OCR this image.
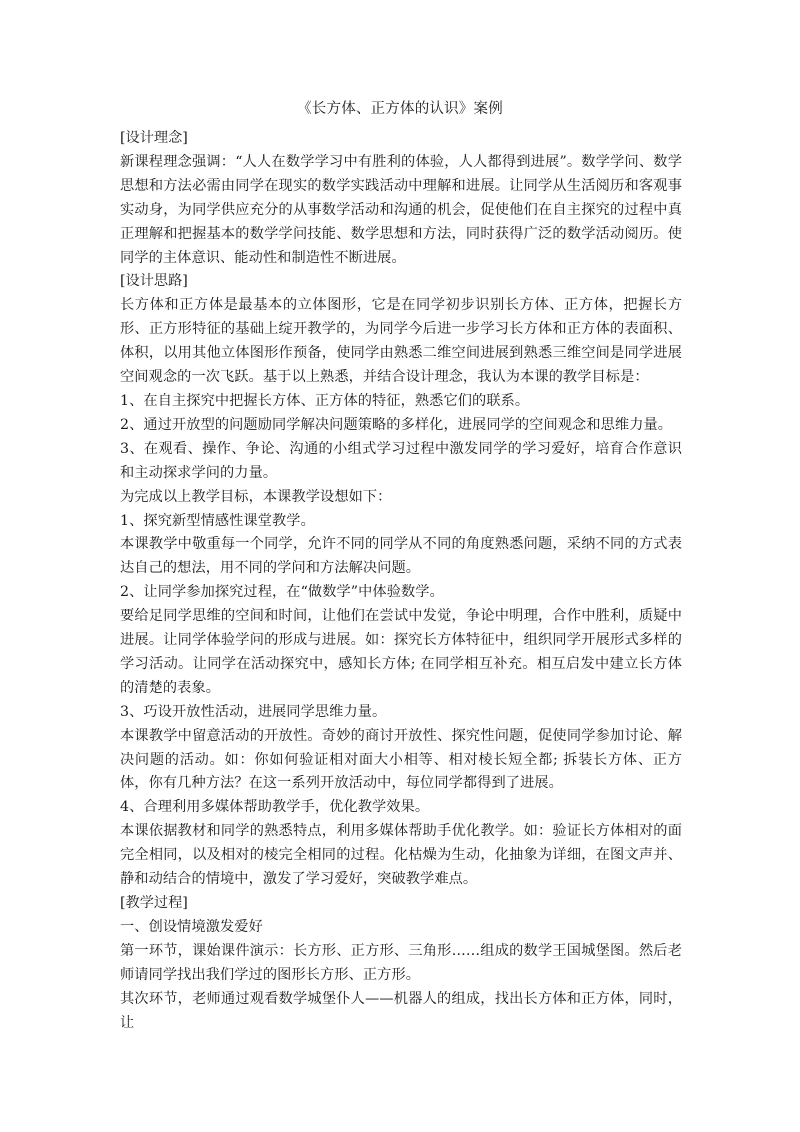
《长方体、正方体的认识》案例

[设计理念]

新课程理念强调：“人人在数学学习中有胜利的体验，人人都得到进展”。数学学问、数学思想和方法必需由同学在现实的数学实践活动中理解和进展。让同学从生活阅历和客观事实动身，为同学供应充分的从事数学活动和沟通的机会，促使他们在自主探究的过程中真正理解和把握基本的数学学问技能、数学思想和方法，同时获得广泛的数学活动阅历。使同学的主体意识、能动性和制造性不断进展。

[设计思路]

长方体和正方体是最基本的立体图形，它是在同学初步识别长方体、正方体，把握长方形、正方形特征的基础上绽开教学的，为同学今后进一步学习长方体和正方体的表面积、体积，以用其他立体图形作预备，使同学由熟悉二维空间进展到熟悉三维空间是同学进展空间观念的一次飞跃。基于以上熟悉，并结合设计理念，我认为本课的教学目标是：

1、在自主探究中把握长方体、正方体的特征，熟悉它们的联系。

2、通过开放型的问题励同学解决问题策略的多样化，进展同学的空间观念和思维力量。

3、在观看、操作、争论、沟通的小组式学习过程中激发同学的学习爱好，培育合作意识和主动探求学问的力量。

为完成以上教学目标，本课教学设想如下：

1、探究新型情感性课堂教学。

本课教学中敬重每一个同学，允许不同的同学从不同的角度熟悉问题，采纳不同的方式表达自己的想法，用不同的学问和方法解决问题。

2、让同学参加探究过程，在“做数学”中体验数学。

要给足同学思维的空间和时间，让他们在尝试中发觉，争论中明理，合作中胜利，质疑中进展。让同学体验学问的形成与进展。如：探究长方体特征中，组织同学开展形式多样的学习活动。让同学在活动探究中，感知长方体; 在同学相互补充。相互启发中建立长方体的清楚的表象。

3、巧设开放性活动，进展同学思维力量。

本课教学中留意活动的开放性。奇妙的商讨开放性、探究性问题，促使同学参加讨论、解决问题的活动。如：你如何验证相对面大小相等、相对棱长短全都; 拆装长方体、正方体，你有几种方法？在这一系列开放活动中，每位同学都得到了进展。

4、合理利用多媒体帮助教学手，优化教学效果。

本课依据教材和同学的熟悉特点，利用多媒体帮助手优化教学。如：验证长方体相对的面完全相同，以及相对的棱完全相同的过程。化枯燥为生动，化抽象为详细，在图文声并、静和动结合的情境中，激发了学习爱好，突破教学难点。

[教学过程]

一、创设情境激发爱好

第一环节，课始课件演示：长方形、正方形、三角形……组成的数学王国城堡图。然后老师请同学找出我们学过的图形长方形、正方形。

其次环节，老师通过观看数学城堡仆人——机器人的组成，找出长方体和正方体，同时，让
